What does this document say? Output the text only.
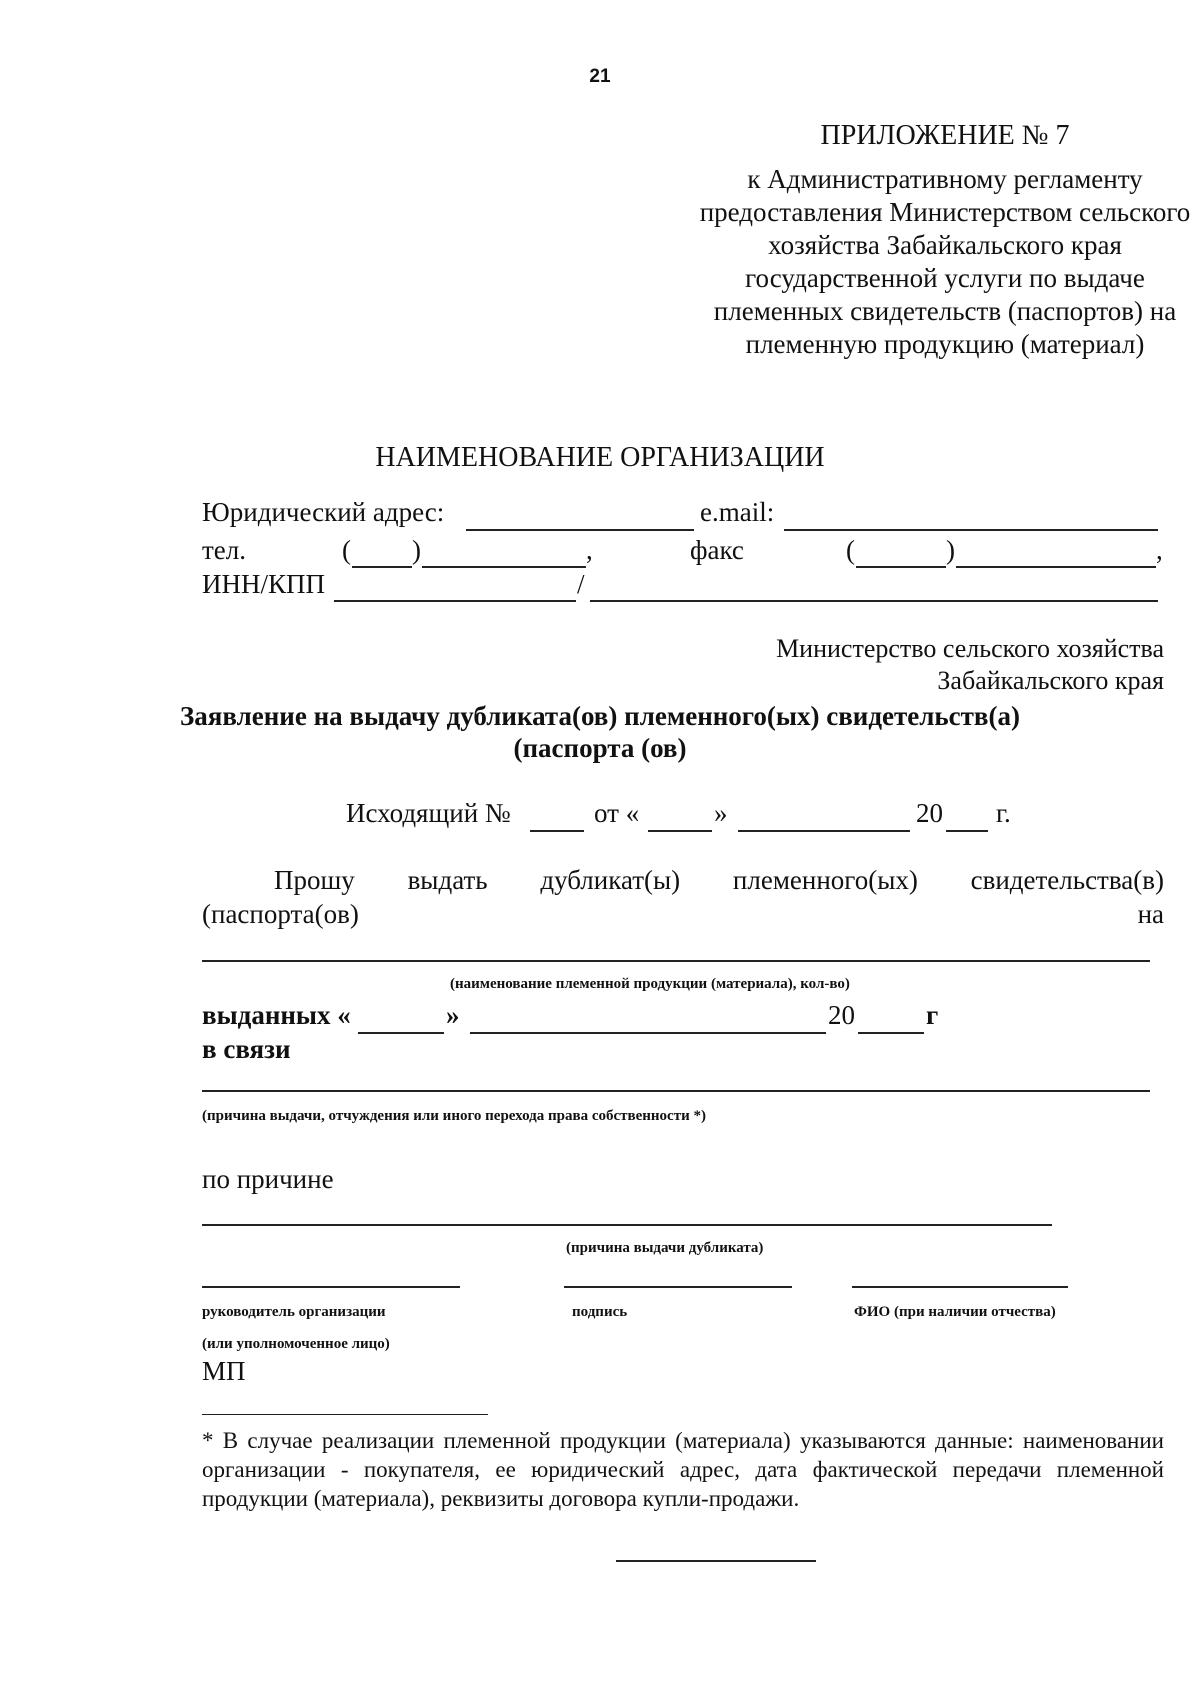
21
ПРИЛОЖЕНИЕ № 7
к Административному регламенту предоставления Министерством сельского хозяйства Забайкальского края государственной услуги по выдаче племенных свидетельств (паспортов) на племенную продукцию (материал)
НАИМЕНОВАНИЕ ОРГАНИЗАЦИИ
Юридический адрес:	e.mail:
тел.	( )	,	факс	(	)	,
ИНН/КПП	/
Министерство сельского хозяйства
Забайкальского края
Заявление на выдачу дубликата(ов) племенного(ых) свидетельств(а)
(паспорта (ов)
Исходящий №	от «	»	20 г.
Прошу выдать дубликат(ы) племенного(ых) свидетельства(в)
(паспорта(ов)	на
(наименование племенной продукции (материала), кол-во)
выданных «	»	20	г
в связи
(причина выдачи, отчуждения или иного перехода права собственности *)
по причине
(причина выдачи дубликата)
руководитель организации	подпись	ФИО (при наличии отчества)
(или уполномоченное лицо)
МП
* В случае реализации племенной продукции (материала) указываются данные: наименовании организации - покупателя, ее юридический адрес, дата фактической передачи племенной продукции (материала), реквизиты договора купли-продажи.
